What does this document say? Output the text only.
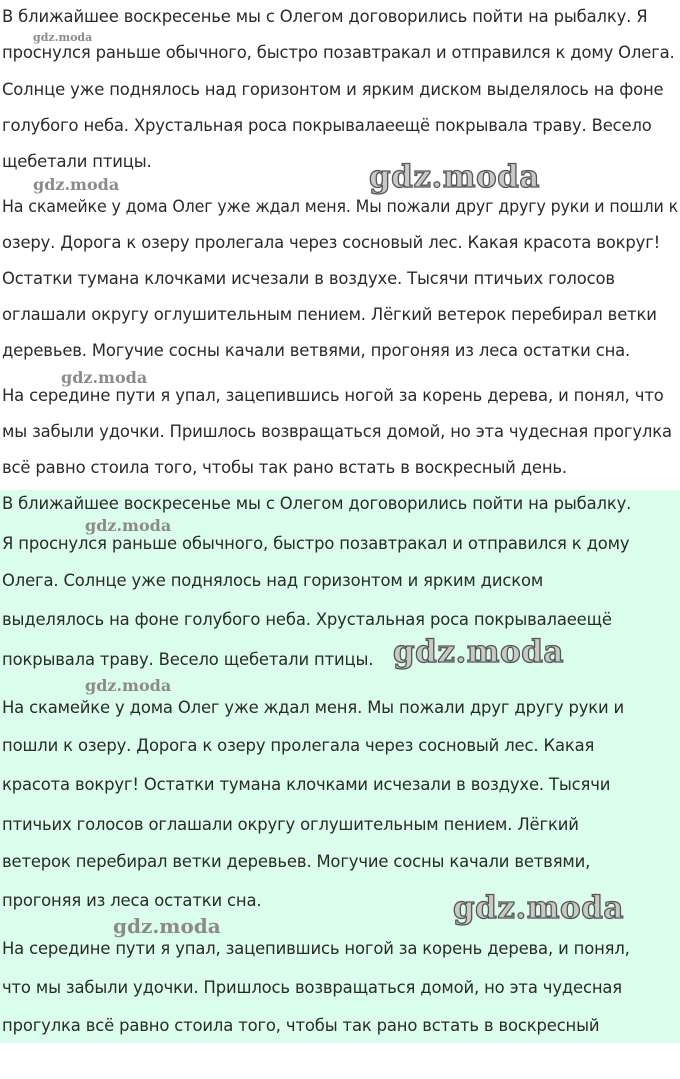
В ближайшее воскресенье мы с Олегом договорились пойти на рыбалку. Я
проснулся раньше обычного, быстро позавтракал и отправился к дому Олега.
Солнце уже поднялось над горизонтом и ярким диском выделялось на фоне
голубого неба. Хрустальная роса покрывалаеещё покрывала траву. Весело
щебетали птицы.
На скамейке у дома Олег уже ждал меня. Мы пожали друг другу руки и пошли к
озеру. Дорога к озеру пролегала через сосновый лес. Какая красота вокруг!
Остатки тумана клочками исчезали в воздухе. Тысячи птичьих голосов
оглашали округу оглушительным пением. Лёгкий ветерок перебирал ветки
деревьев. Могучие сосны качали ветвями, прогоняя из леса остатки сна.
На середине пути я упал, зацепившись ногой за корень дерева, и понял, что
мы забыли удочки. Пришлось возвращаться домой, но эта чудесная прогулка
всё равно стоила того, чтобы так рано встать в воскресный день.
В ближайшее воскресенье мы с Олегом договорились пойти на рыбалку.
Я проснулся раньше обычного, быстро позавтракал и отправился к дому
Олега. Солнце уже поднялось над горизонтом и ярким диском
выделялось на фоне голубого неба. Хрустальная роса покрывалаеещё
покрывала траву. Весело щебетали птицы.
На скамейке у дома Олег уже ждал меня. Мы пожали друг другу руки и
пошли к озеру. Дорога к озеру пролегала через сосновый лес. Какая
красота вокруг! Остатки тумана клочками исчезали в воздухе. Тысячи
птичьих голосов оглашали округу оглушительным пением. Лёгкий
ветерок перебирал ветки деревьев. Могучие сосны качали ветвями,
прогоняя из леса остатки сна.
На середине пути я упал, зацепившись ногой за корень дерева, и понял,
что мы забыли удочки. Пришлось возвращаться домой, но эта чудесная
прогулка всё равно стоила того, чтобы так рано встать в воскресный
gdz.moda
gdz.moda	gdz.moda
gdz.moda
gdz.moda
gdz.moda
gdz.moda
gdz.moda
gdz.moda
